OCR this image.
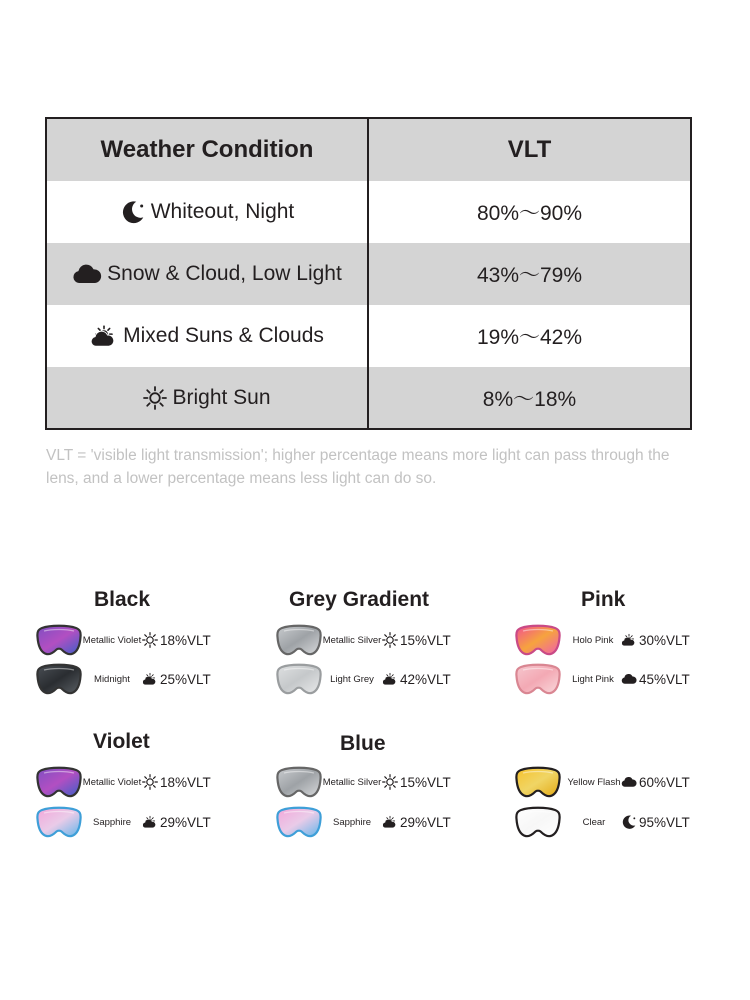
Weather Condition	VLT
Whiteout, Night	80%～90%
Snow & Cloud, Low Light	43%～79%
Mixed Suns & Clouds	19%～42%
Bright Sun	8%～18%

VLT = 'visible light transmission'; higher percentage means more light can pass through the lens, and a lower percentage means less light can do so.

Black
Metallic Violet 18%VLT
Midnight	25%VLT
Grey Gradient
Metallic Silver 15%VLT
Light Grey	42%VLT
Pink
Holo Pink	30%VLT
Light Pink	45%VLT
Violet
Metallic Violet 18%VLT
Sapphire	29%VLT
Blue
Metallic Silver 15%VLT
Sapphire	29%VLT
Yellow Flash 60%VLT
Clear	95%VLT
